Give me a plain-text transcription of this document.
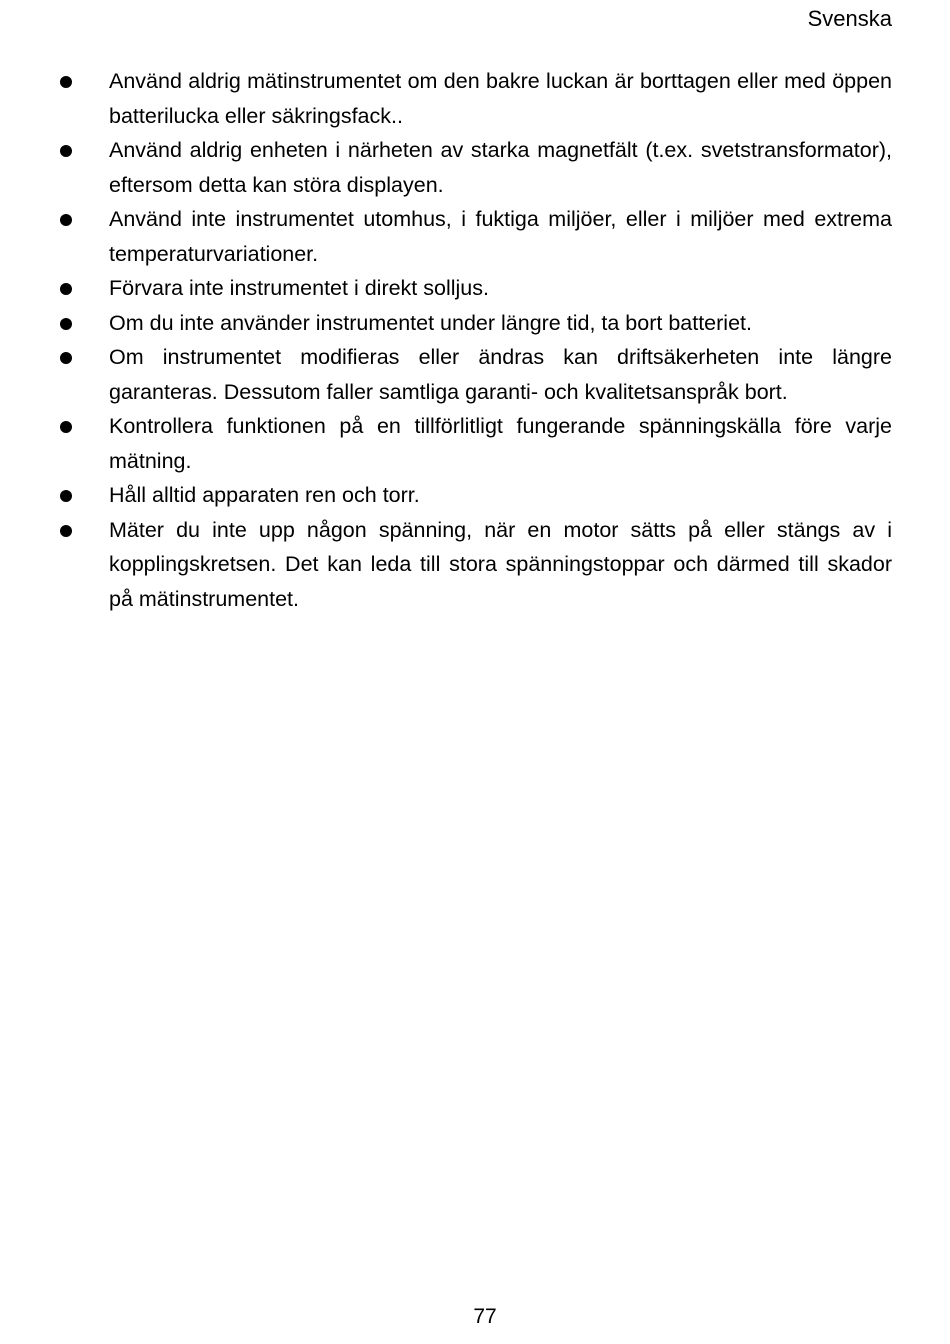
Svenska
Använd aldrig mätinstrumentet om den bakre luckan är borttagen eller med öppen batterilucka eller säkringsfack..
Använd aldrig enheten i närheten av starka magnetfält (t.ex. svetstransformator), eftersom detta kan störa displayen.
Använd inte instrumentet utomhus, i fuktiga miljöer, eller i miljöer med extrema temperaturvariationer.
Förvara inte instrumentet i direkt solljus.
Om du inte använder instrumentet under längre tid, ta bort batteriet.
Om instrumentet modifieras eller ändras kan driftsäkerheten inte längre garanteras. Dessutom faller samtliga garanti- och kvalitetsanspråk bort.
Kontrollera funktionen på en tillförlitligt fungerande spänningskälla före varje mätning.
Håll alltid apparaten ren och torr.
Mäter du inte upp någon spänning, när en motor sätts på eller stängs av i kopplingskretsen. Det kan leda till stora spänningstoppar och därmed till skador på mätinstrumentet.
77
